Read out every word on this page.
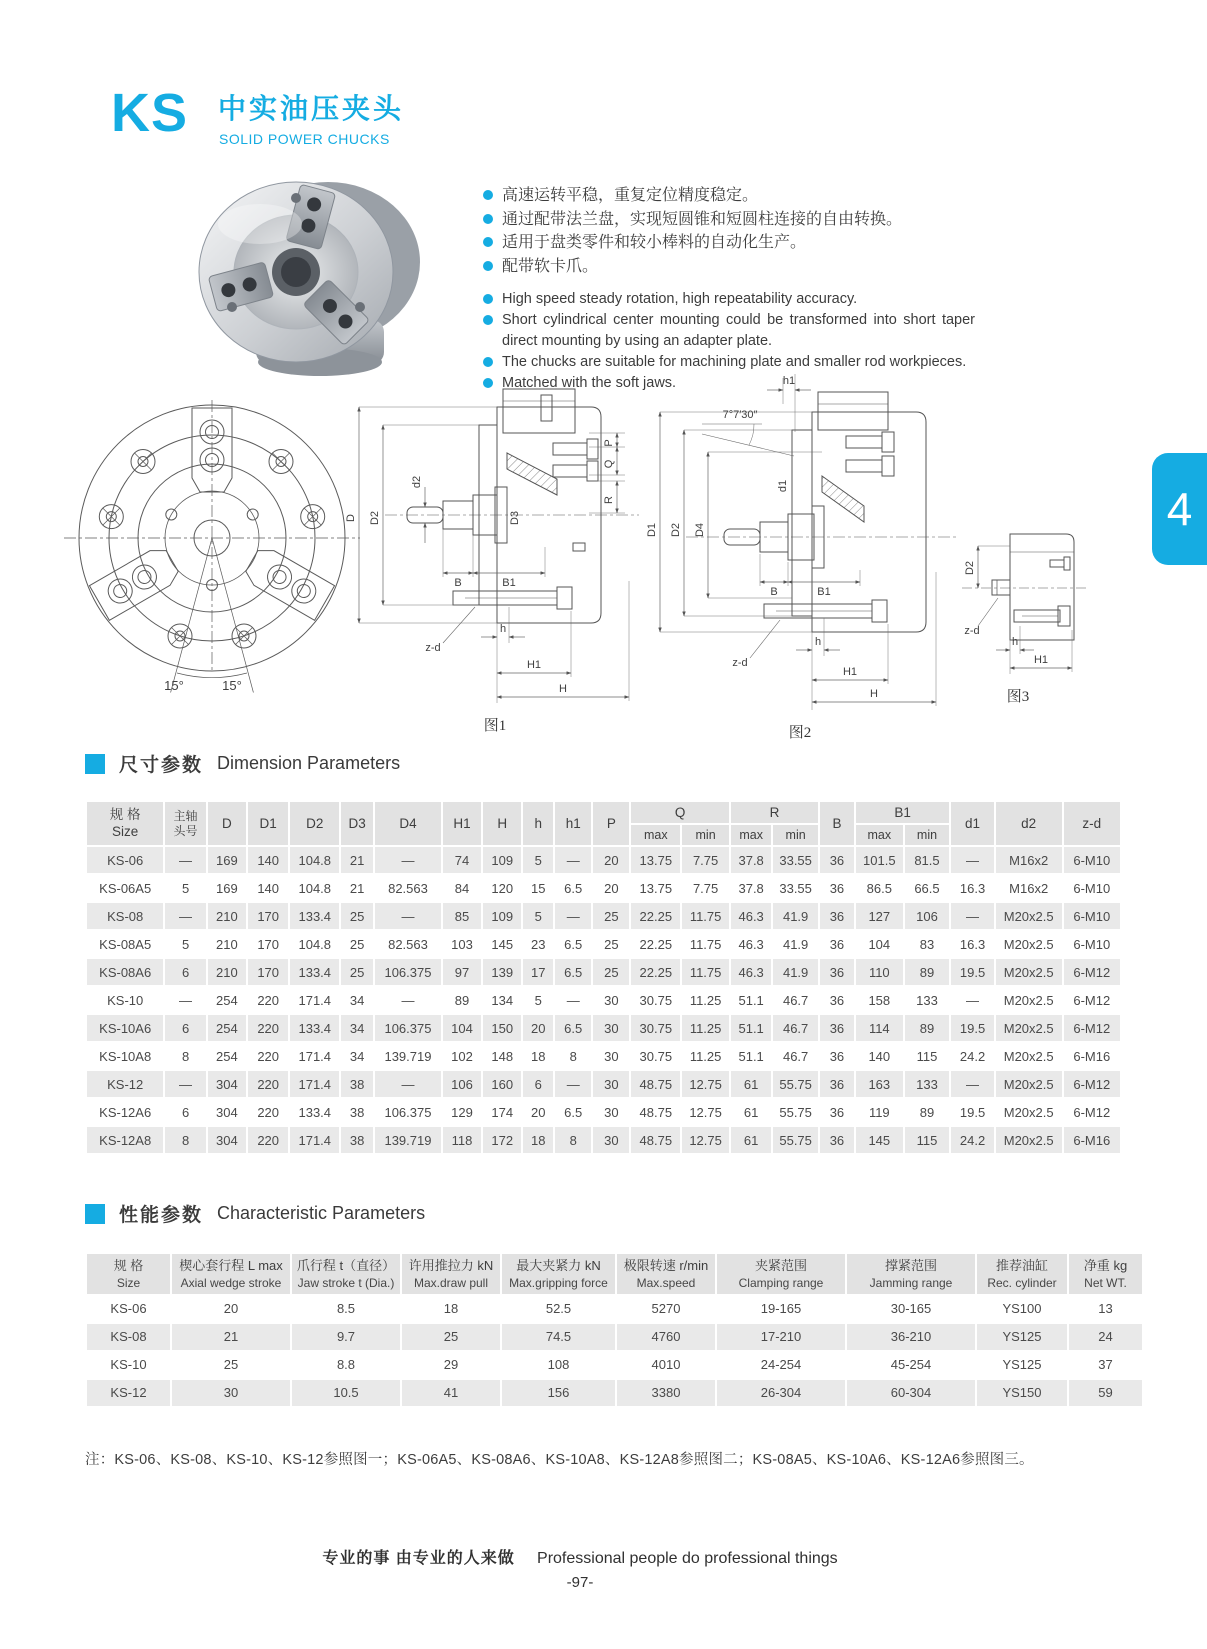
KS 中实油压夹头
SOLID POWER CHUCKS
高速运转平稳，重复定位精度稳定。
通过配带法兰盘，实现短圆锥和短圆柱连接的自由转换。
适用于盘类零件和较小棒料的自动化生产。
配带软卡爪。
High speed steady rotation, high repeatability accuracy.
Short cylindrical center mounting could be transformed into short taper direct mounting by using an adapter plate.
The chucks are suitable for machining plate and smaller rod workpieces.
Matched with the soft jaws.
15°	15°
D D2
d2
D3
B	B1
P
Q
R
z-d
h
H1
H
图1
h1
7°7′30″
D1 D2 D4
d1
B	B1
z-d
h
H1
H
图2
D2
z-d
h
H1
图3
4
尺寸参数 Dimension Parameters
规 格
Size

主轴
头号	D	D1	D2	D3	D4	H1	H	h	h1	P	Q	R	B	B1	d1	d2	z-d
												max	min	max	min		max	min			
KS-06	—	169	140	104.8	21	—	74	109	5	—	20	13.75	7.75	37.8	33.55	36	101.5	81.5	—	M16x2	6-M10
KS-06A5	5	169	140	104.8	21	82.563	84	120	15	6.5	20	13.75	7.75	37.8	33.55	36	86.5	66.5	16.3	M16x2	6-M10
KS-08	—	210	170	133.4	25	—	85	109	5	—	25	22.25	11.75	46.3	41.9	36	127	106	—	M20x2.5	6-M10
KS-08A5	5	210	170	104.8	25	82.563	103	145	23	6.5	25	22.25	11.75	46.3	41.9	36	104	83	16.3	M20x2.5	6-M10
KS-08A6	6	210	170	133.4	25	106.375	97	139	17	6.5	25	22.25	11.75	46.3	41.9	36	110	89	19.5	M20x2.5	6-M12
KS-10	—	254	220	171.4	34	—	89	134	5	—	30	30.75	11.25	51.1	46.7	36	158	133	—	M20x2.5	6-M12
KS-10A6	6	254	220	133.4	34	106.375	104	150	20	6.5	30	30.75	11.25	51.1	46.7	36	114	89	19.5	M20x2.5	6-M12
KS-10A8	8	254	220	171.4	34	139.719	102	148	18	8	30	30.75	11.25	51.1	46.7	36	140	115	24.2	M20x2.5	6-M16
KS-12	—	304	220	171.4	38	—	106	160	6	—	30	48.75	12.75	61	55.75	36	163	133	—	M20x2.5	6-M12
KS-12A6	6	304	220	133.4	38	106.375	129	174	20	6.5	30	48.75	12.75	61	55.75	36	119	89	19.5	M20x2.5	6-M12
KS-12A8	8	304	220	171.4	38	139.719	118	172	18	8	30	48.75	12.75	61	55.75	36	145	115	24.2	M20x2.5	6-M16
性能参数 Characteristic Parameters
规 格
Size

楔心套行程 L max
Axial wedge stroke

爪行程 t（直径）
Jaw stroke t (Dia.)

许用推拉力 kN
Max.draw pull

最大夹紧力 kN
Max.gripping force

极限转速 r/min
Max.speed

夹紧范围
Clamping range

撑紧范围
Jamming range

推荐油缸
Rec. cylinder

净重 kg
Net WT.

KS-06	20	8.5	18	52.5	5270	19-165	30-165	YS100	13
KS-08	21	9.7	25	74.5	4760	17-210	36-210	YS125	24
KS-10	25	8.8	29	108	4010	24-254	45-254	YS125	37
KS-12	30	10.5	41	156	3380	26-304	60-304	YS150	59
注：KS-06、KS-08、KS-10、KS-12参照图一；KS-06A5、KS-08A6、KS-10A8、KS-12A8参照图二；KS-08A5、KS-10A6、KS-12A6参照图三。
专业的事 由专业的人来做 Professional people do professional things
-97-
